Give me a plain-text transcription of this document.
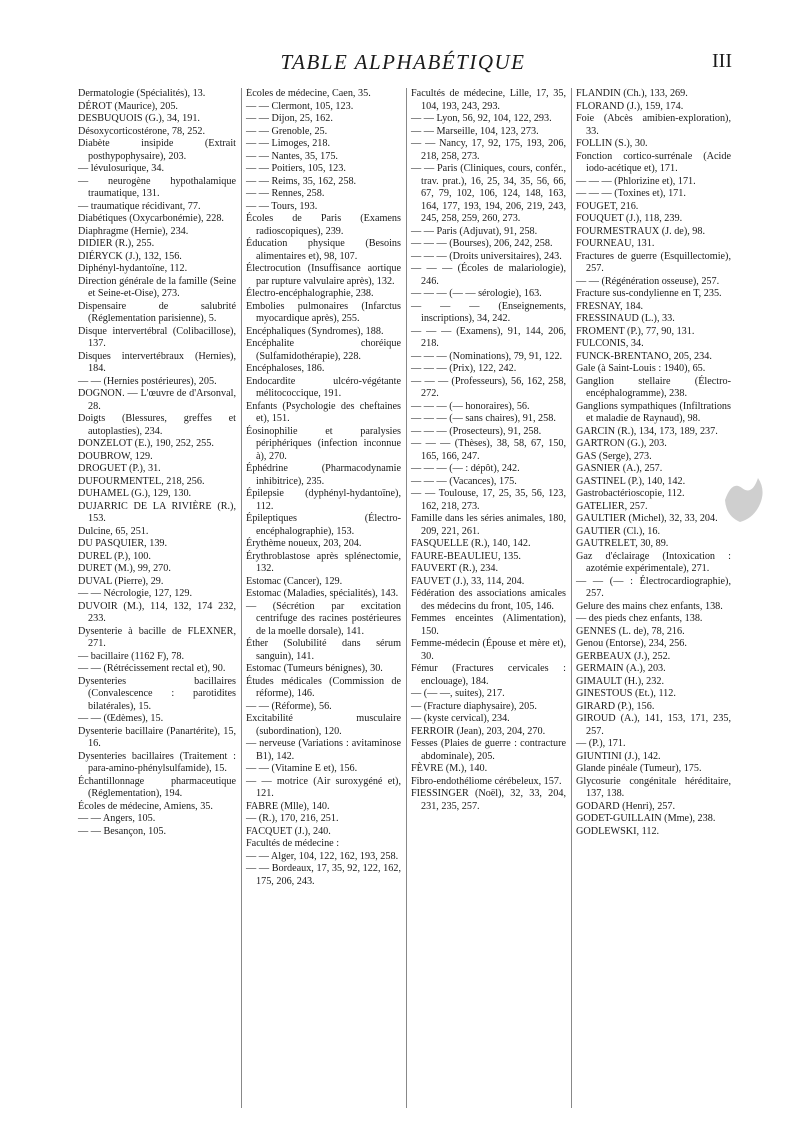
TABLE ALPHABÉTIQUE	III

Dermatologie (Spécialités), 13.

DÉROT (Maurice), 205.

DESBUQUOIS (G.), 34, 191.

Désoxycorticostérone, 78, 252.

Diabète insipide (Extrait posthypophysaire), 203.

— lévulosurique, 34.

— neurogène hypothalamique traumatique, 131.

— traumatique récidivant, 77.

Diabétiques (Oxycarbonémie), 228.

Diaphragme (Hernie), 234.

DIDIER (R.), 255.

DIÉRYCK (J.), 132, 156.

Diphényl-hydantoïne, 112.

Direction générale de la famille (Seine et Seine-et-Oise), 273.

Dispensaire de salubrité (Réglementation parisienne), 5.

Disque intervertébral (Colibacillose), 137.

Disques intervertébraux (Hernies), 184.

— — (Hernies postérieures), 205.

DOGNON. — L'œuvre de d'Arsonval, 28.

Doigts (Blessures, greffes et autoplasties), 234.

DONZELOT (E.), 190, 252, 255.

DOUBROW, 129.

DROGUET (P.), 31.

DUFOURMENTEL, 218, 256.

DUHAMEL (G.), 129, 130.

DUJARRIC DE LA RIVIÈRE (R.), 153.

Dulcine, 65, 251.

DU PASQUIER, 139.

DUREL (P.), 100.

DURET (M.), 99, 270.

DUVAL (Pierre), 29.

— — Nécrologie, 127, 129.

DUVOIR (M.), 114, 132, 174 232, 233.

Dysenterie à bacille de FLEXNER, 271.

— bacillaire (1162 F), 78.

— — (Rétrécissement rectal et), 90.

Dysenteries bacillaires (Convalescence : parotidites bilatérales), 15.

— — (Œdèmes), 15.

Dysenterie bacillaire (Panartérite), 15, 16.

Dysenteries bacillaires (Traitement : para-amino-phénylsulfamide), 15.

Échantillonnage pharmaceutique (Réglementation), 194.

Écoles de médecine, Amiens, 35.

— — Angers, 105.

— — Besançon, 105.

Écoles de médecine, Caen, 35.

— — Clermont, 105, 123.

— — Dijon, 25, 162.

— — Grenoble, 25.

— — Limoges, 218.

— — Nantes, 35, 175.

— — Poitiers, 105, 123.

— — Reims, 35, 162, 258.

— — Rennes, 258.

— — Tours, 193.

Écoles de Paris (Examens radioscopiques), 239.

Éducation physique (Besoins alimentaires et), 98, 107.

Électrocution (Insuffisance aortique par rupture valvulaire après), 132.

Électro-encéphalographie, 238.

Embolies pulmonaires (Infarctus myocardique après), 255.

Encéphaliques (Syndromes), 188.

Encéphalite choréique (Sulfamidothérapie), 228.

Encéphaloses, 186.

Endocardite ulcéro-végétante mélitococcique, 191.

Enfants (Psychologie des cheftaines et), 151.

Éosinophilie et paralysies périphériques (infection inconnue à), 270.

Éphédrine (Pharmacodynamie inhibitrice), 235.

Épilepsie (dyphényl-hydantoïne), 112.

Épileptiques (Électro-encéphalographie), 153.

Érythème noueux, 203, 204.

Érythroblastose après splénectomie, 132.

Estomac (Cancer), 129.

Estomac (Maladies, spécialités), 143.

— (Sécrétion par excitation centrifuge des racines postérieures de la moelle dorsale), 141.

Éther (Solubilité dans sérum sanguin), 141.

Estomac (Tumeurs bénignes), 30.

Études médicales (Commission de réforme), 146.

— — (Réforme), 56.

Excitabilité musculaire (subordination), 120.

— nerveuse (Variations : avitaminose B1), 142.

— — (Vitamine E et), 156.

— — motrice (Air suroxygéné et), 121.

FABRE (Mlle), 140.

— (R.), 170, 216, 251.

FACQUET (J.), 240.

Facultés de médecine :

— — Alger, 104, 122, 162, 193, 258.

— — Bordeaux, 17, 35, 92, 122, 162, 175, 206, 243.

Facultés de médecine, Lille, 17, 35, 104, 193, 243, 293.

— — Lyon, 56, 92, 104, 122, 293.

— — Marseille, 104, 123, 273.

— — Nancy, 17, 92, 175, 193, 206, 218, 258, 273.

— — Paris (Cliniques, cours, confér., trav. prat.), 16, 25, 34, 35, 56, 66, 67, 79, 102, 106, 124, 148, 163, 164, 177, 193, 194, 206, 219, 243, 245, 258, 259, 260, 273.

— — Paris (Adjuvat), 91, 258.

— — — (Bourses), 206, 242, 258.

— — — (Droits universitaires), 243.

— — — (Écoles de malariologie), 246.

— — — (— — sérologie), 163.

— — — (Enseignements, inscriptions), 34, 242.

— — — (Examens), 91, 144, 206, 218.

— — — (Nominations), 79, 91, 122.

— — — (Prix), 122, 242.

— — — (Professeurs), 56, 162, 258, 272.

— — — (— honoraires), 56.

— — — (— sans chaires), 91, 258.

— — — (Prosecteurs), 91, 258.

— — — (Thèses), 38, 58, 67, 150, 165, 166, 247.

— — — (— : dépôt), 242.

— — — (Vacances), 175.

— — Toulouse, 17, 25, 35, 56, 123, 162, 218, 273.

Famille dans les séries animales, 180, 209, 221, 261.

FASQUELLE (R.), 140, 142.

FAURE-BEAULIEU, 135.

FAUVERT (R.), 234.

FAUVET (J.), 33, 114, 204.

Fédération des associations amicales des médecins du front, 105, 146.

Femmes enceintes (Alimentation), 150.

Femme-médecin (Épouse et mère et), 30.

Fémur (Fractures cervicales : enclouage), 184.

— (— —, suites), 217.

— (Fracture diaphysaire), 205.

— (kyste cervical), 234.

FERROIR (Jean), 203, 204, 270.

Fesses (Plaies de guerre : contracture abdominale), 205.

FÈVRE (M.), 140.

Fibro-endothéliome cérébeleux, 157.

FIESSINGER (Noël), 32, 33, 204, 231, 235, 257.

FLANDIN (Ch.), 133, 269.

FLORAND (J.), 159, 174.

Foie (Abcès amibien-exploration), 33.

FOLLIN (S.), 30.

Fonction cortico-surrénale (Acide iodo-acétique et), 171.

— — — (Phlorizine et), 171.

— — — (Toxines et), 171.

FOUGET, 216.

FOUQUET (J.), 118, 239.

FOURMESTRAUX (J. de), 98.

FOURNEAU, 131.

Fractures de guerre (Esquillectomie), 257.

— — (Régénération osseuse), 257.

Fracture sus-condylienne en T, 235.

FRESNAY, 184.

FRESSINAUD (L.), 33.

FROMENT (P.), 77, 90, 131.

FULCONIS, 34.

FUNCK-BRENTANO, 205, 234.

Gale (à Saint-Louis : 1940), 65.

Ganglion stellaire (Électro-encéphalogramme), 238.

Ganglions sympathiques (Infiltrations et maladie de Raynaud), 98.

GARCIN (R.), 134, 173, 189, 237.

GARTRON (G.), 203.

GAS (Serge), 273.

GASNIER (A.), 257.

GASTINEL (P.), 140, 142.

Gastrobactérioscopie, 112.

GATELIER, 257.

GAULTIER (Michel), 32, 33, 204.

GAUTIER (Cl.), 16.

GAUTRELET, 30, 89.

Gaz d'éclairage (Intoxication : azotémie expérimentale), 271.

— — (— : Électrocardiographie), 257.

Gelure des mains chez enfants, 138.

— des pieds chez enfants, 138.

GENNES (L. de), 78, 216.

Genou (Entorse), 234, 256.

GERBEAUX (J.), 252.

GERMAIN (A.), 203.

GIMAULT (H.), 232.

GINESTOUS (Et.), 112.

GIRARD (P.), 156.

GIROUD (A.), 141, 153, 171, 235, 257.

— (P.), 171.

GIUNTINI (J.), 142.

Glande pinéale (Tumeur), 175.

Glycosurie congénitale héréditaire, 137, 138.

GODARD (Henri), 257.

GODET-GUILLAIN (Mme), 238.

GODLEWSKI, 112.
